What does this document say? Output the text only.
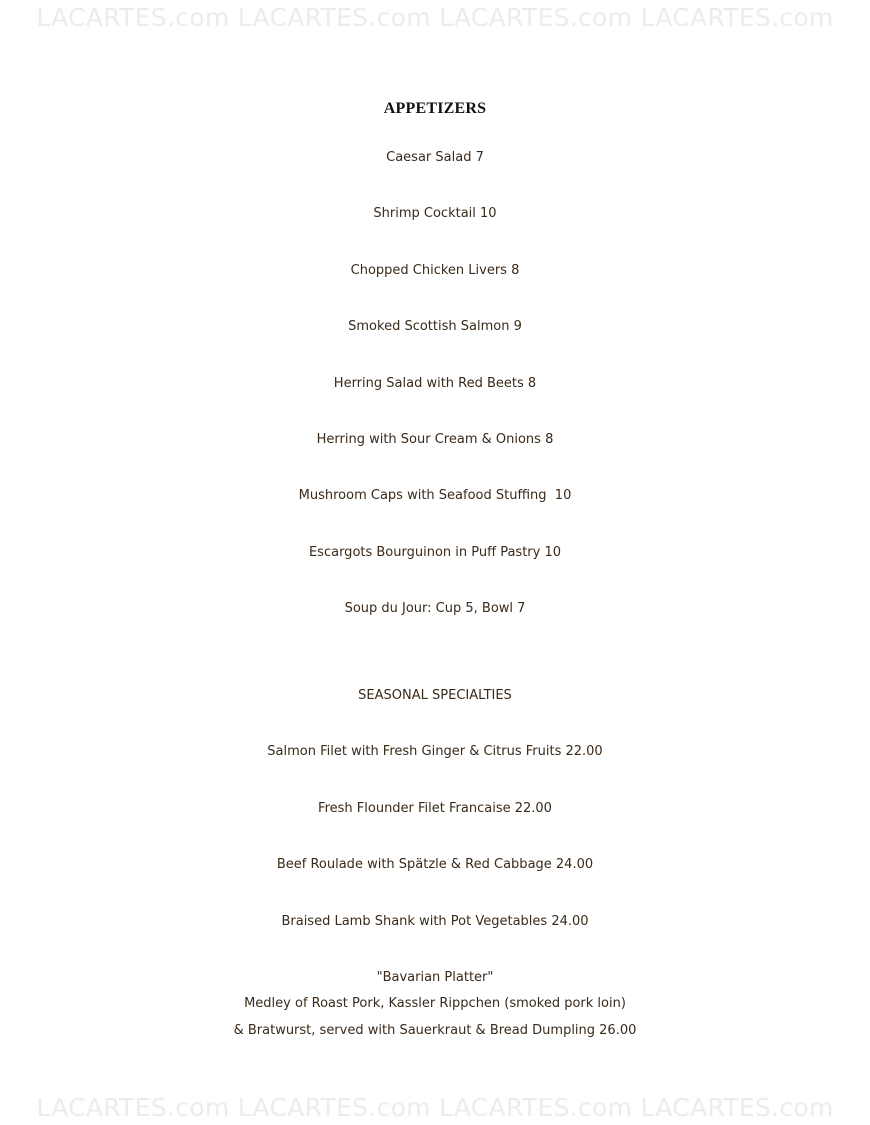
LACARTES.com LACARTES.com LACARTES.com LACARTES.com
APPETIZERS
Caesar Salad 7
Shrimp Cocktail 10
Chopped Chicken Livers 8
Smoked Scottish Salmon 9
Herring Salad with Red Beets 8
Herring with Sour Cream & Onions 8
Mushroom Caps with Seafood Stuffing  10
Escargots Bourguinon in Puff Pastry 10
Soup du Jour: Cup 5, Bowl 7
SEASONAL SPECIALTIES
Salmon Filet with Fresh Ginger & Citrus Fruits 22.00
Fresh Flounder Filet Francaise 22.00
Beef Roulade with Spätzle & Red Cabbage 24.00
Braised Lamb Shank with Pot Vegetables 24.00
"Bavarian Platter"
Medley of Roast Pork, Kassler Rippchen (smoked pork loin)
& Bratwurst, served with Sauerkraut & Bread Dumpling 26.00
LACARTES.com LACARTES.com LACARTES.com LACARTES.com
